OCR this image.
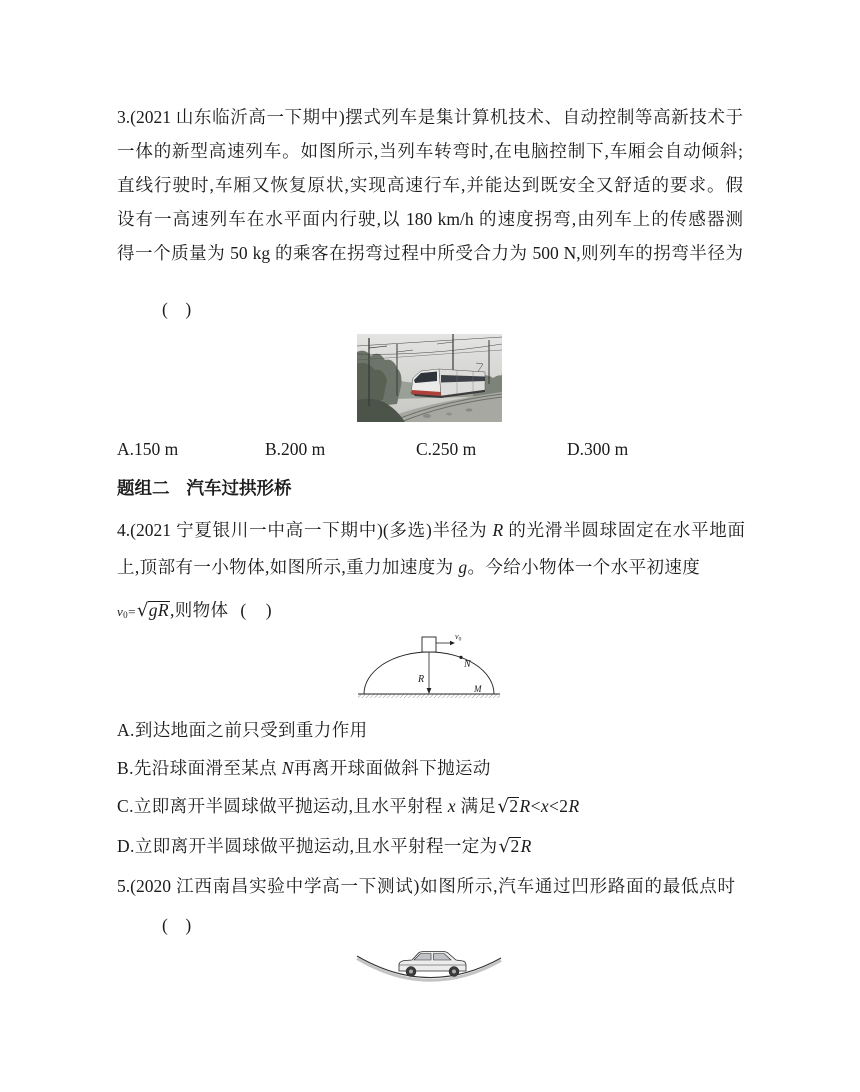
3.(2021 山东临沂高一下期中)摆式列车是集计算机技术、自动控制等高新技术于
一体的新型高速列车。如图所示,当列车转弯时,在电脑控制下,车厢会自动倾斜;
直线行驶时,车厢又恢复原状,实现高速行车,并能达到既安全又舒适的要求。假
设有一高速列车在水平面内行驶,以 180 km/h 的速度拐弯,由列车上的传感器测
得一个质量为 50 kg 的乘客在拐弯过程中所受合力为 500 N,则列车的拐弯半径为
(    )
A.150 m	B.200 m	C.250 m	D.300 m
题组二 汽车过拱形桥
4.(2021 宁夏银川一中高一下期中)(多选)半径为 R 的光滑半圆球固定在水平地面
上,顶部有一小物体,如图所示,重力加速度为 g。今给小物体一个水平初速度
$v_0=√gR$,则物体 (    )
v0
N
R
M
A.到达地面之前只受到重力作用
B.先沿球面滑至某点 N再离开球面做斜下抛运动
C.立即离开半圆球做平抛运动,且水平射程 x 满足√2R<x<2R
D.立即离开半圆球做平抛运动,且水平射程一定为√2R
5.(2020 江西南昌实验中学高一下测试)如图所示,汽车通过凹形路面的最低点时
(    )
